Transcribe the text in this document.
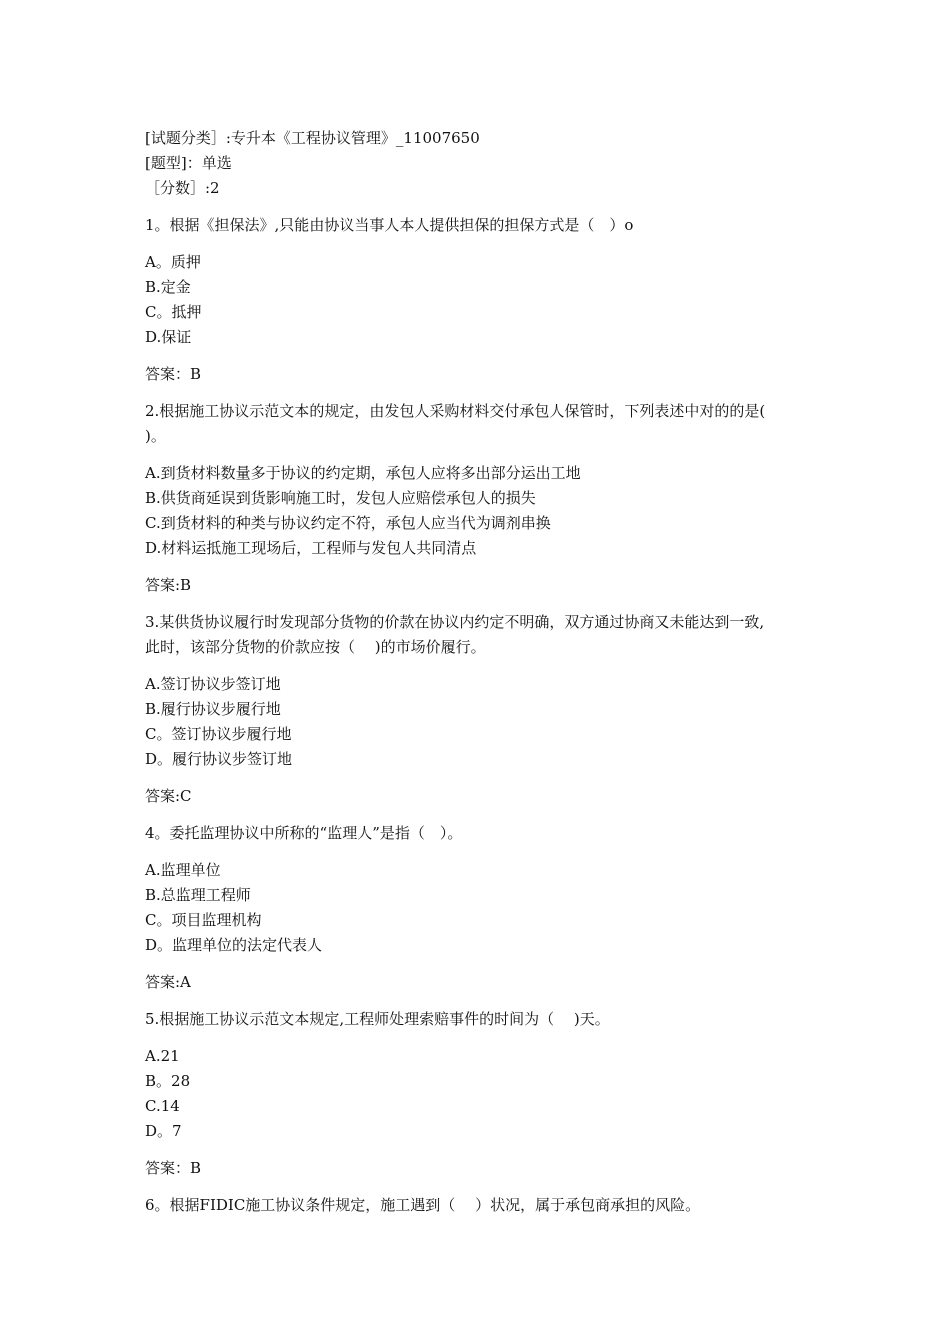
[试题分类］:专升本《工程协议管理》_11007650
[题型]：单选
［分数］:2
1。根据《担保法》,只能由协议当事人本人提供担保的担保方式是（　）o
A。质押
B.定金
C。抵押
D.保证
答案：B
2.根据施工协议示范文本的规定，由发包人采购材料交付承包人保管时，下列表述中对的的是(
)。
A.到货材料数量多于协议的约定期，承包人应将多出部分运出工地
B.供货商延误到货影响施工时，发包人应赔偿承包人的损失
C.到货材料的种类与协议约定不符，承包人应当代为调剂串换
D.材料运抵施工现场后，工程师与发包人共同清点
答案:B
3.某供货协议履行时发现部分货物的价款在协议内约定不明确，双方通过协商又未能达到一致,
此时，该部分货物的价款应按（　 )的市场价履行。
A.签订协议步签订地
B.履行协议步履行地
C。签订协议步履行地
D。履行协议步签订地
答案:C
4。委托监理协议中所称的“监理人”是指（　）。
A.监理单位
B.总监理工程师
C。项目监理机构
D。监理单位的法定代表人
答案:A
5.根据施工协议示范文本规定,工程师处理索赔事件的时间为（　 )天。
A.21
B。28
C.14
D。7
答案：B
6。根据FIDIC施工协议条件规定，施工遇到（　 ）状况，属于承包商承担的风险。
